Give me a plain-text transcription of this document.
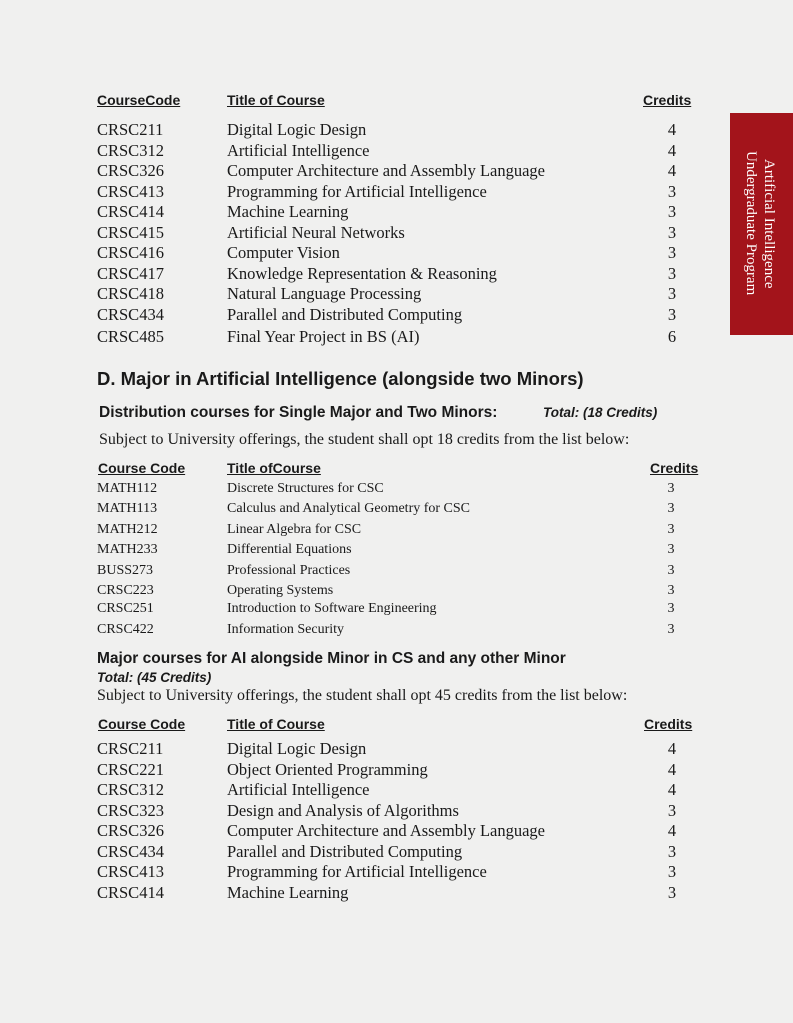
Artificial Intelligence
Undergraduate Program
CourseCode	Title of Course	Credits
CRSC211	Digital Logic Design	4
CRSC312	Artificial Intelligence	4
CRSC326	Computer Architecture and Assembly Language	4
CRSC413	Programming for Artificial Intelligence	3
CRSC414	Machine Learning	3
CRSC415	Artificial Neural Networks	3
CRSC416	Computer Vision	3
CRSC417	Knowledge Representation & Reasoning	3
CRSC418	Natural Language Processing	3
CRSC434	Parallel and Distributed Computing	3
CRSC485	Final Year Project in BS (AI)	6
D. Major in Artificial Intelligence (alongside two Minors)
Distribution courses for Single Major and Two Minors:	Total: (18 Credits)
Subject to University offerings, the student shall opt 18 credits from the list below:
Course Code	Title ofCourse	Credits
MATH112	Discrete Structures for CSC	3
MATH113	Calculus and Analytical Geometry for CSC	3
MATH212	Linear Algebra for CSC	3
MATH233	Differential Equations	3
BUSS273	Professional Practices	3
CRSC223	Operating Systems	3
CRSC251	Introduction to Software Engineering	3
CRSC422	Information Security	3
Major courses for AI alongside Minor in CS and any other Minor
Total: (45 Credits)
Subject to University offerings, the student shall opt 45 credits from the list below:
Course Code	Title of Course	Credits
CRSC211	Digital Logic Design	4
CRSC221	Object Oriented Programming	4
CRSC312	Artificial Intelligence	4
CRSC323	Design and Analysis of Algorithms	3
CRSC326	Computer Architecture and Assembly Language	4
CRSC434	Parallel and Distributed Computing	3
CRSC413	Programming for Artificial Intelligence	3
CRSC414	Machine Learning	3
